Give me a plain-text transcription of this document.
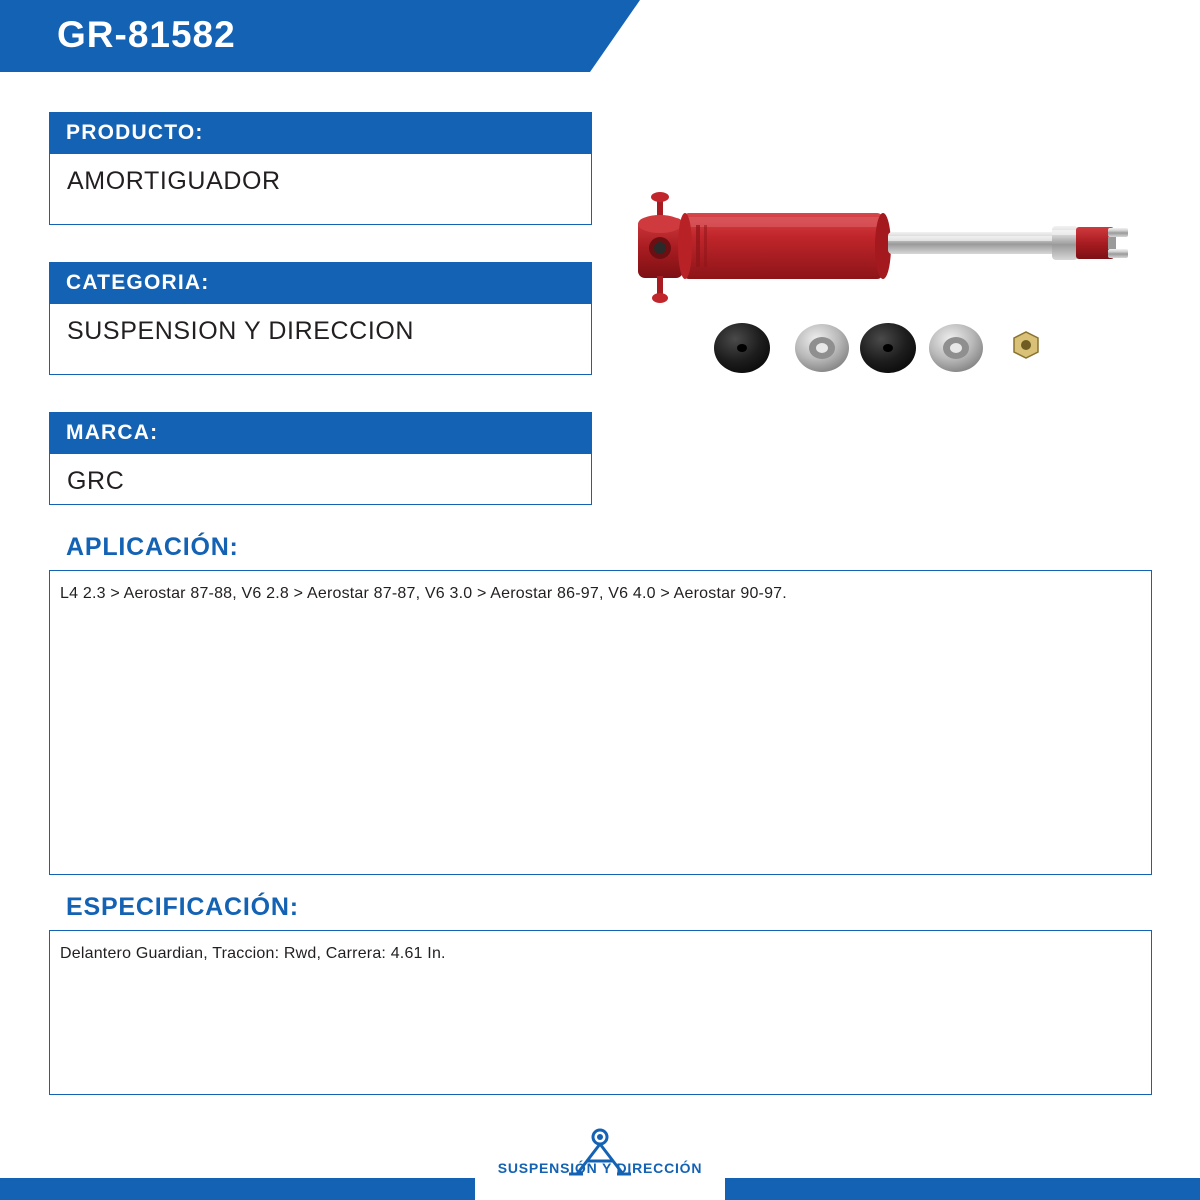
GR-81582
PRODUCTO:
AMORTIGUADOR
CATEGORIA:
SUSPENSION Y DIRECCION
MARCA:
GRC
APLICACIÓN:
L4 2.3 > Aerostar 87-88, V6 2.8 > Aerostar 87-87, V6 3.0 > Aerostar 86-97, V6 4.0 > Aerostar 90-97.
ESPECIFICACIÓN:
Delantero Guardian, Traccion: Rwd, Carrera: 4.61 In.
SUSPENSIÓN Y DIRECCIÓN
